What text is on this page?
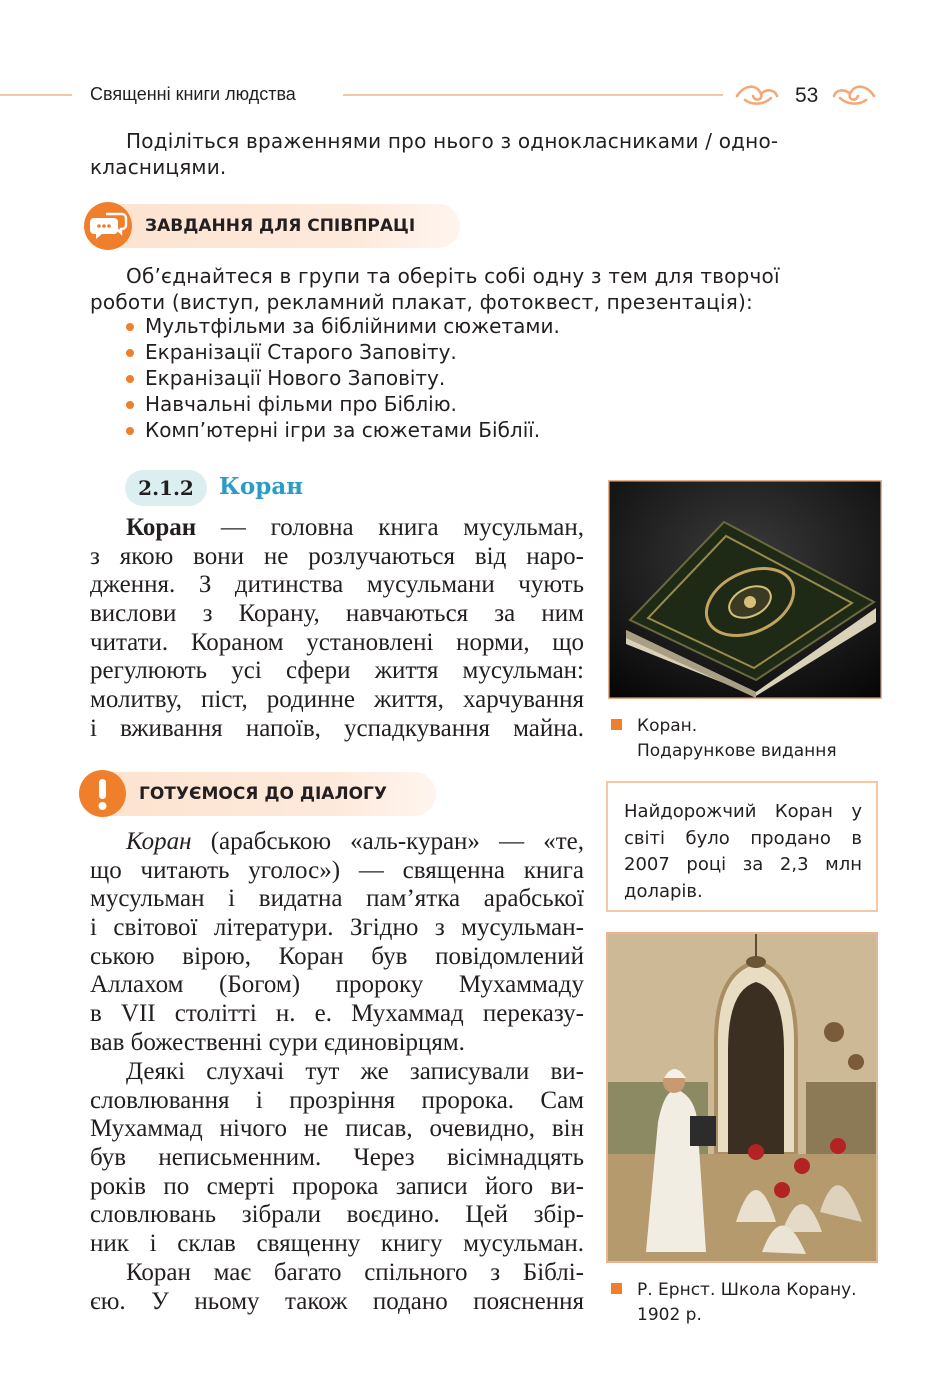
Священні книги людства	53
Поділіться враженнями про нього з однокласниками / одно-
класницями.
ЗАВДАННЯ ДЛЯ СПІВПРАЦІ
Об’єднайтеся в групи та оберіть собі одну з тем для творчої
роботи (виступ, рекламний плакат, фотоквест, презентація):
Мультфільми за біблійними сюжетами.
Екранізації Старого Заповіту.
Екранізації Нового Заповіту.
Навчальні фільми про Біблію.
Комп’ютерні ігри за сюжетами Біблії.
2.1.2	Коран
Коран — головна книга мусульман,
з якою вони не розлучаються від наро-
дження. З дитинства мусульмани чують
вислови з Корану, навчаються за ним
читати. Кораном установлені норми, що
регулюють усі сфери життя мусульман:
молитву, піст, родинне життя, харчування
і вживання напоїв, успадкування майна.
ГОТУЄМОСЯ ДО ДІАЛОГУ
Коран (арабською «аль-куран» — «те,
що читають уголос») — священна книга
мусульман і видатна пам’ятка арабської
і світової літератури. Згідно з мусульман-
ською вірою, Коран був повідомлений
Аллахом (Богом) пророку Мухаммаду
в VII столітті н. е. Мухаммад переказу-
вав божественні сури єдиновірцям.
Деякі слухачі тут же записували ви-
словлювання і прозріння пророка. Сам
Мухаммад нічого не писав, очевидно, він
був неписьменним. Через вісімнадцять
років по смерті пророка записи його ви-
словлювань зібрали воєдино. Цей збір-
ник і склав священну книгу мусульман.
Коран має багато спільного з Біблі-
єю. У ньому також подано пояснення
Коран.
Подарункове видання
Найдорожчий Коран у
світі було продано в
2007 році за 2,3 млн
доларів.
Р. Ернст. Школа Корану.
1902 р.
